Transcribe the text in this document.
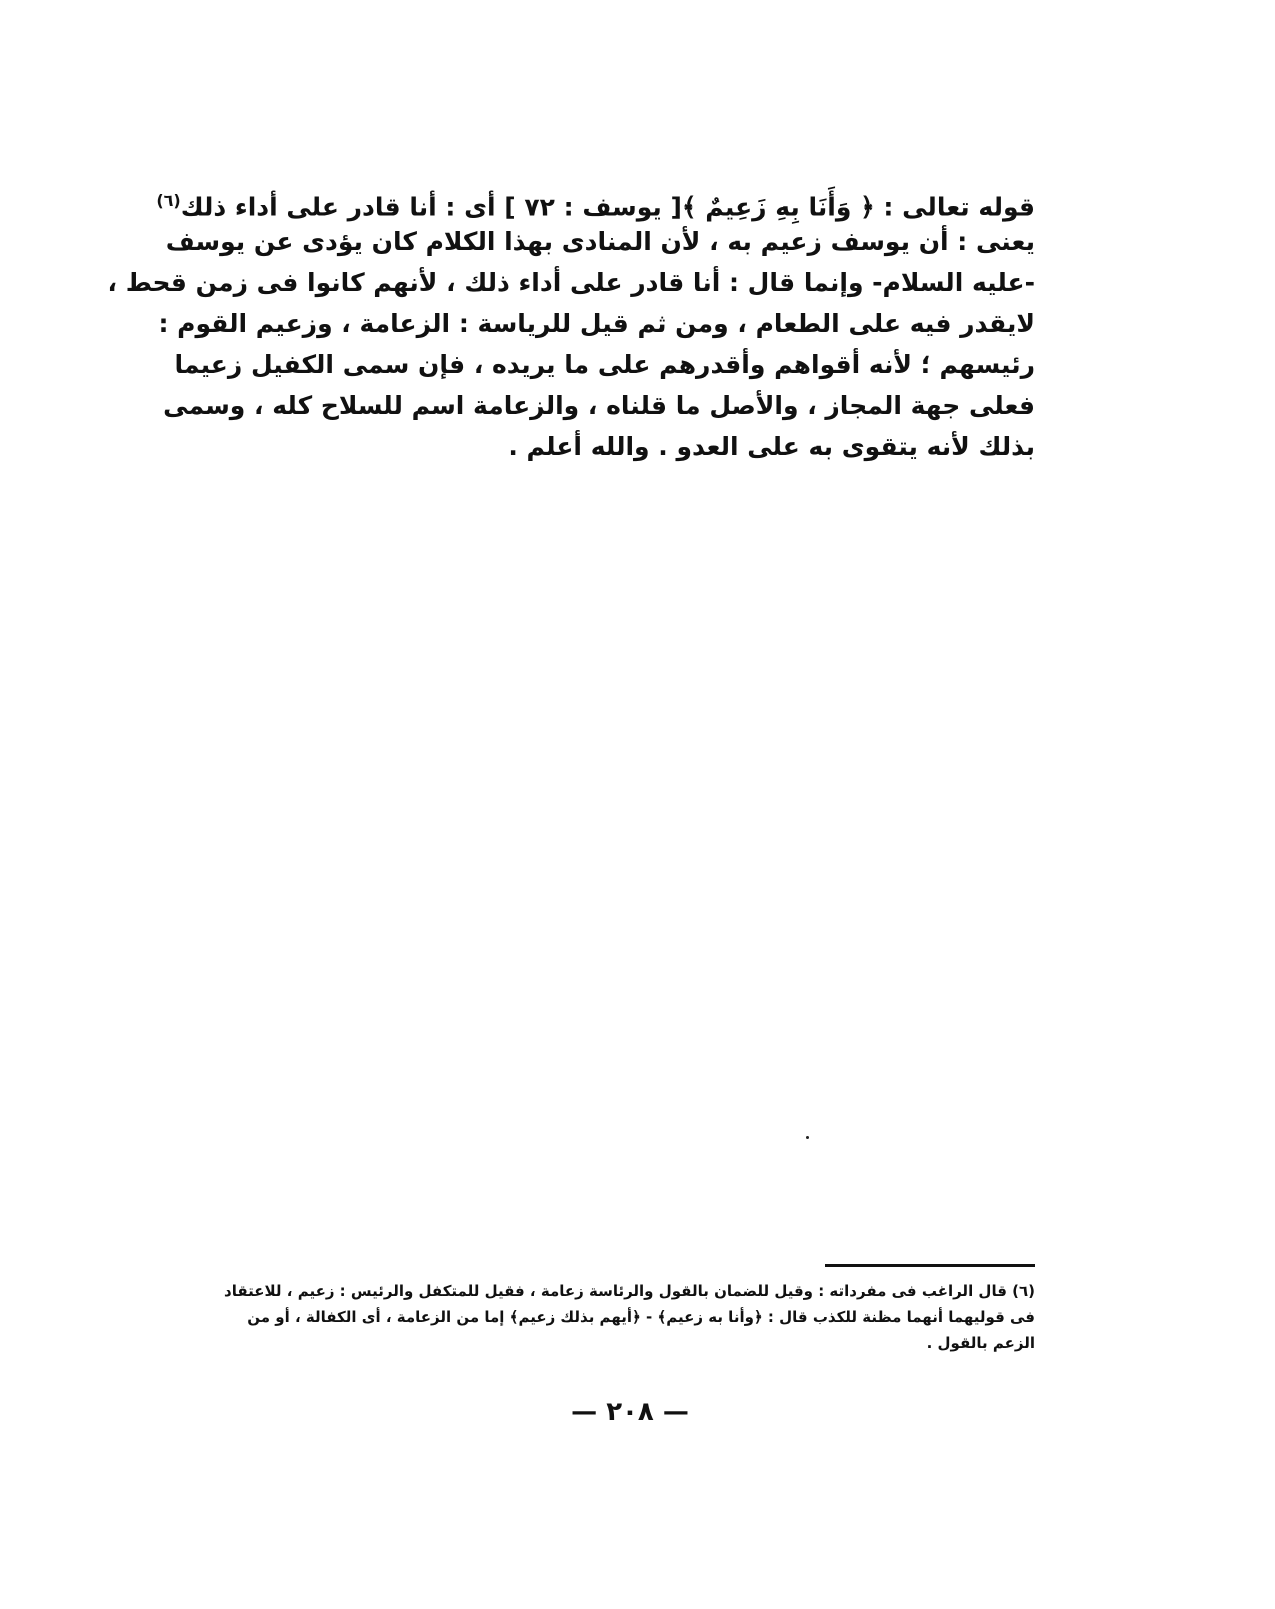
قوله تعالى : ﴿ وَأَنَا بِهِ زَعِيمٌ ﴾[ يوسف : ٧٢ ] أى : أنا قادر على أداء ذلك$^{(٦)}$
يعنى : أن يوسف زعيم به ، لأن المنادى بهذا الكلام كان يؤدى عن يوسف
-عليه السلام- وإنما قال : أنا قادر على أداء ذلك ، لأنهم كانوا فى زمن قحط ،
لايقدر فيه على الطعام ، ومن ثم قيل للرياسة : الزعامة ، وزعيم القوم :
رئيسهم ؛ لأنه أقواهم وأقدرهم على ما يريده ، فإن سمى الكفيل زعيما
فعلى جهة المجاز ، والأصل ما قلناه ، والزعامة اسم للسلاح كله ، وسمى
بذلك لأنه يتقوى به على العدو . والله أعلم .
(٦) قال الراغب فى مفرداته : وقيل للضمان بالقول والرئاسة زعامة ، فقيل للمتكفل والرئيس : زعيم ، للاعتقاد
فى قوليهما أنهما مظنة للكذب قال : ﴿وأنا به زعيم﴾ - ﴿أيهم بذلك زعيم﴾ إما من الزعامة ، أى الكفالة ، أو من
الزعم بالقول .
— ٢٠٨ —
